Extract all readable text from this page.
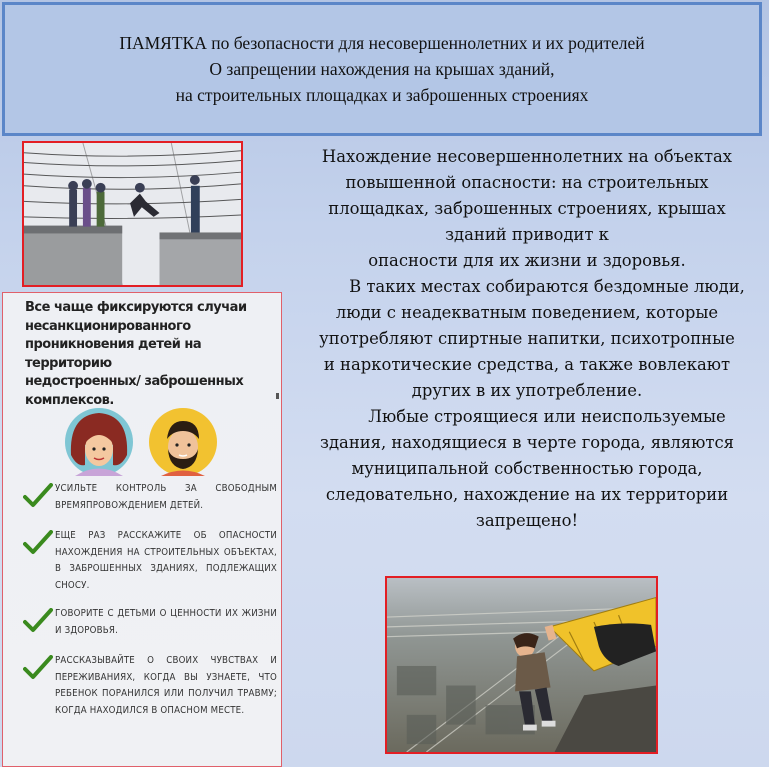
ПАМЯТКА по безопасности для несовершеннолетних и их родителей
О запрещении нахождения на крышах зданий,
на строительных площадках и заброшенных строениях

Нахождение несовершеннолетних на объектах

повышенной опасности: на строительных

площадках, заброшенных строениях, крышах

зданий приводит к

опасности для их жизни и здоровья.

В таких местах собираются бездомные люди,

люди с неадекватным поведением, которые

употребляют спиртные напитки, психотропные

и наркотические средства, а также вовлекают

других в их употребление.

Любые строящиеся или неиспользуемые

здания, находящиеся в черте города, являются

муниципальной собственностью города,

следовательно, нахождение на их территории

запрещено!

Все чаще фиксируются случаи
несанкционированного
проникновения детей на территорию
недостроенных/ заброшенных
комплексов.
УСИЛЬТЕ КОНТРОЛЬ ЗА СВОБОДНЫМ ВРЕМЯПРОВОЖДЕНИЕМ ДЕТЕЙ.
ЕЩЕ РАЗ РАССКАЖИТЕ ОБ ОПАСНОСТИ НАХОЖДЕНИЯ НА СТРОИТЕЛЬНЫХ ОБЪЕКТАХ, В ЗАБРОШЕННЫХ ЗДАНИЯХ, ПОДЛЕЖАЩИХ СНОСУ.
ГОВОРИТЕ С ДЕТЬМИ О ЦЕННОСТИ ИХ ЖИЗНИ И ЗДОРОВЬЯ.
РАССКАЗЫВАЙТЕ О СВОИХ ЧУВСТВАХ И ПЕРЕЖИВАНИЯХ, КОГДА ВЫ УЗНАЕТЕ, ЧТО РЕБЕНОК ПОРАНИЛСЯ ИЛИ ПОЛУЧИЛ ТРАВМУ; КОГДА НАХОДИЛСЯ В ОПАСНОМ МЕСТЕ.
